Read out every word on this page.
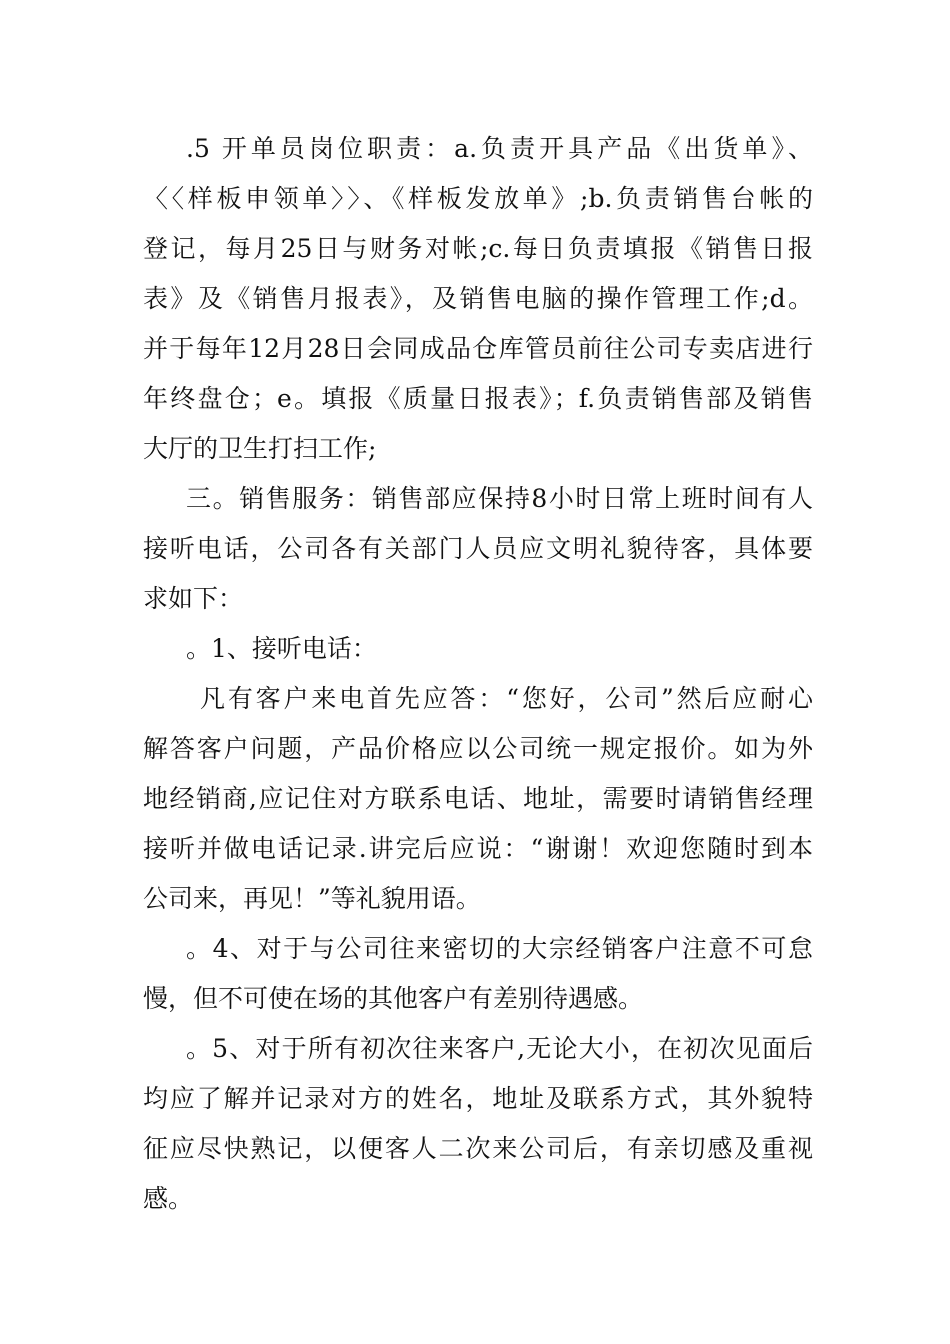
.5 开单员岗位职责：a.负责开具产品《出货单》、
〈〈样板申领单〉〉、《样板发放单》;b.负责销售台帐的
登记，每月25日与财务对帐;c.每日负责填报《销售日报
表》及《销售月报表》，及销售电脑的操作管理工作;d。
并于每年12月28日会同成品仓库管员前往公司专卖店进行
年终盘仓；e。填报《质量日报表》；f.负责销售部及销售
大厅的卫生打扫工作;
三。销售服务：销售部应保持8小时日常上班时间有人
接听电话，公司各有关部门人员应文明礼貌待客，具体要
求如下：
。1、接听电话：
凡有客户来电首先应答：“您好，公司”然后应耐心
解答客户问题，产品价格应以公司统一规定报价。如为外
地经销商,应记住对方联系电话、地址，需要时请销售经理
接听并做电话记录.讲完后应说：“谢谢！欢迎您随时到本
公司来，再见！”等礼貌用语。
。4、对于与公司往来密切的大宗经销客户注意不可怠
慢，但不可使在场的其他客户有差别待遇感。
。5、对于所有初次往来客户,无论大小，在初次见面后
均应了解并记录对方的姓名，地址及联系方式，其外貌特
征应尽快熟记，以便客人二次来公司后，有亲切感及重视
感。
